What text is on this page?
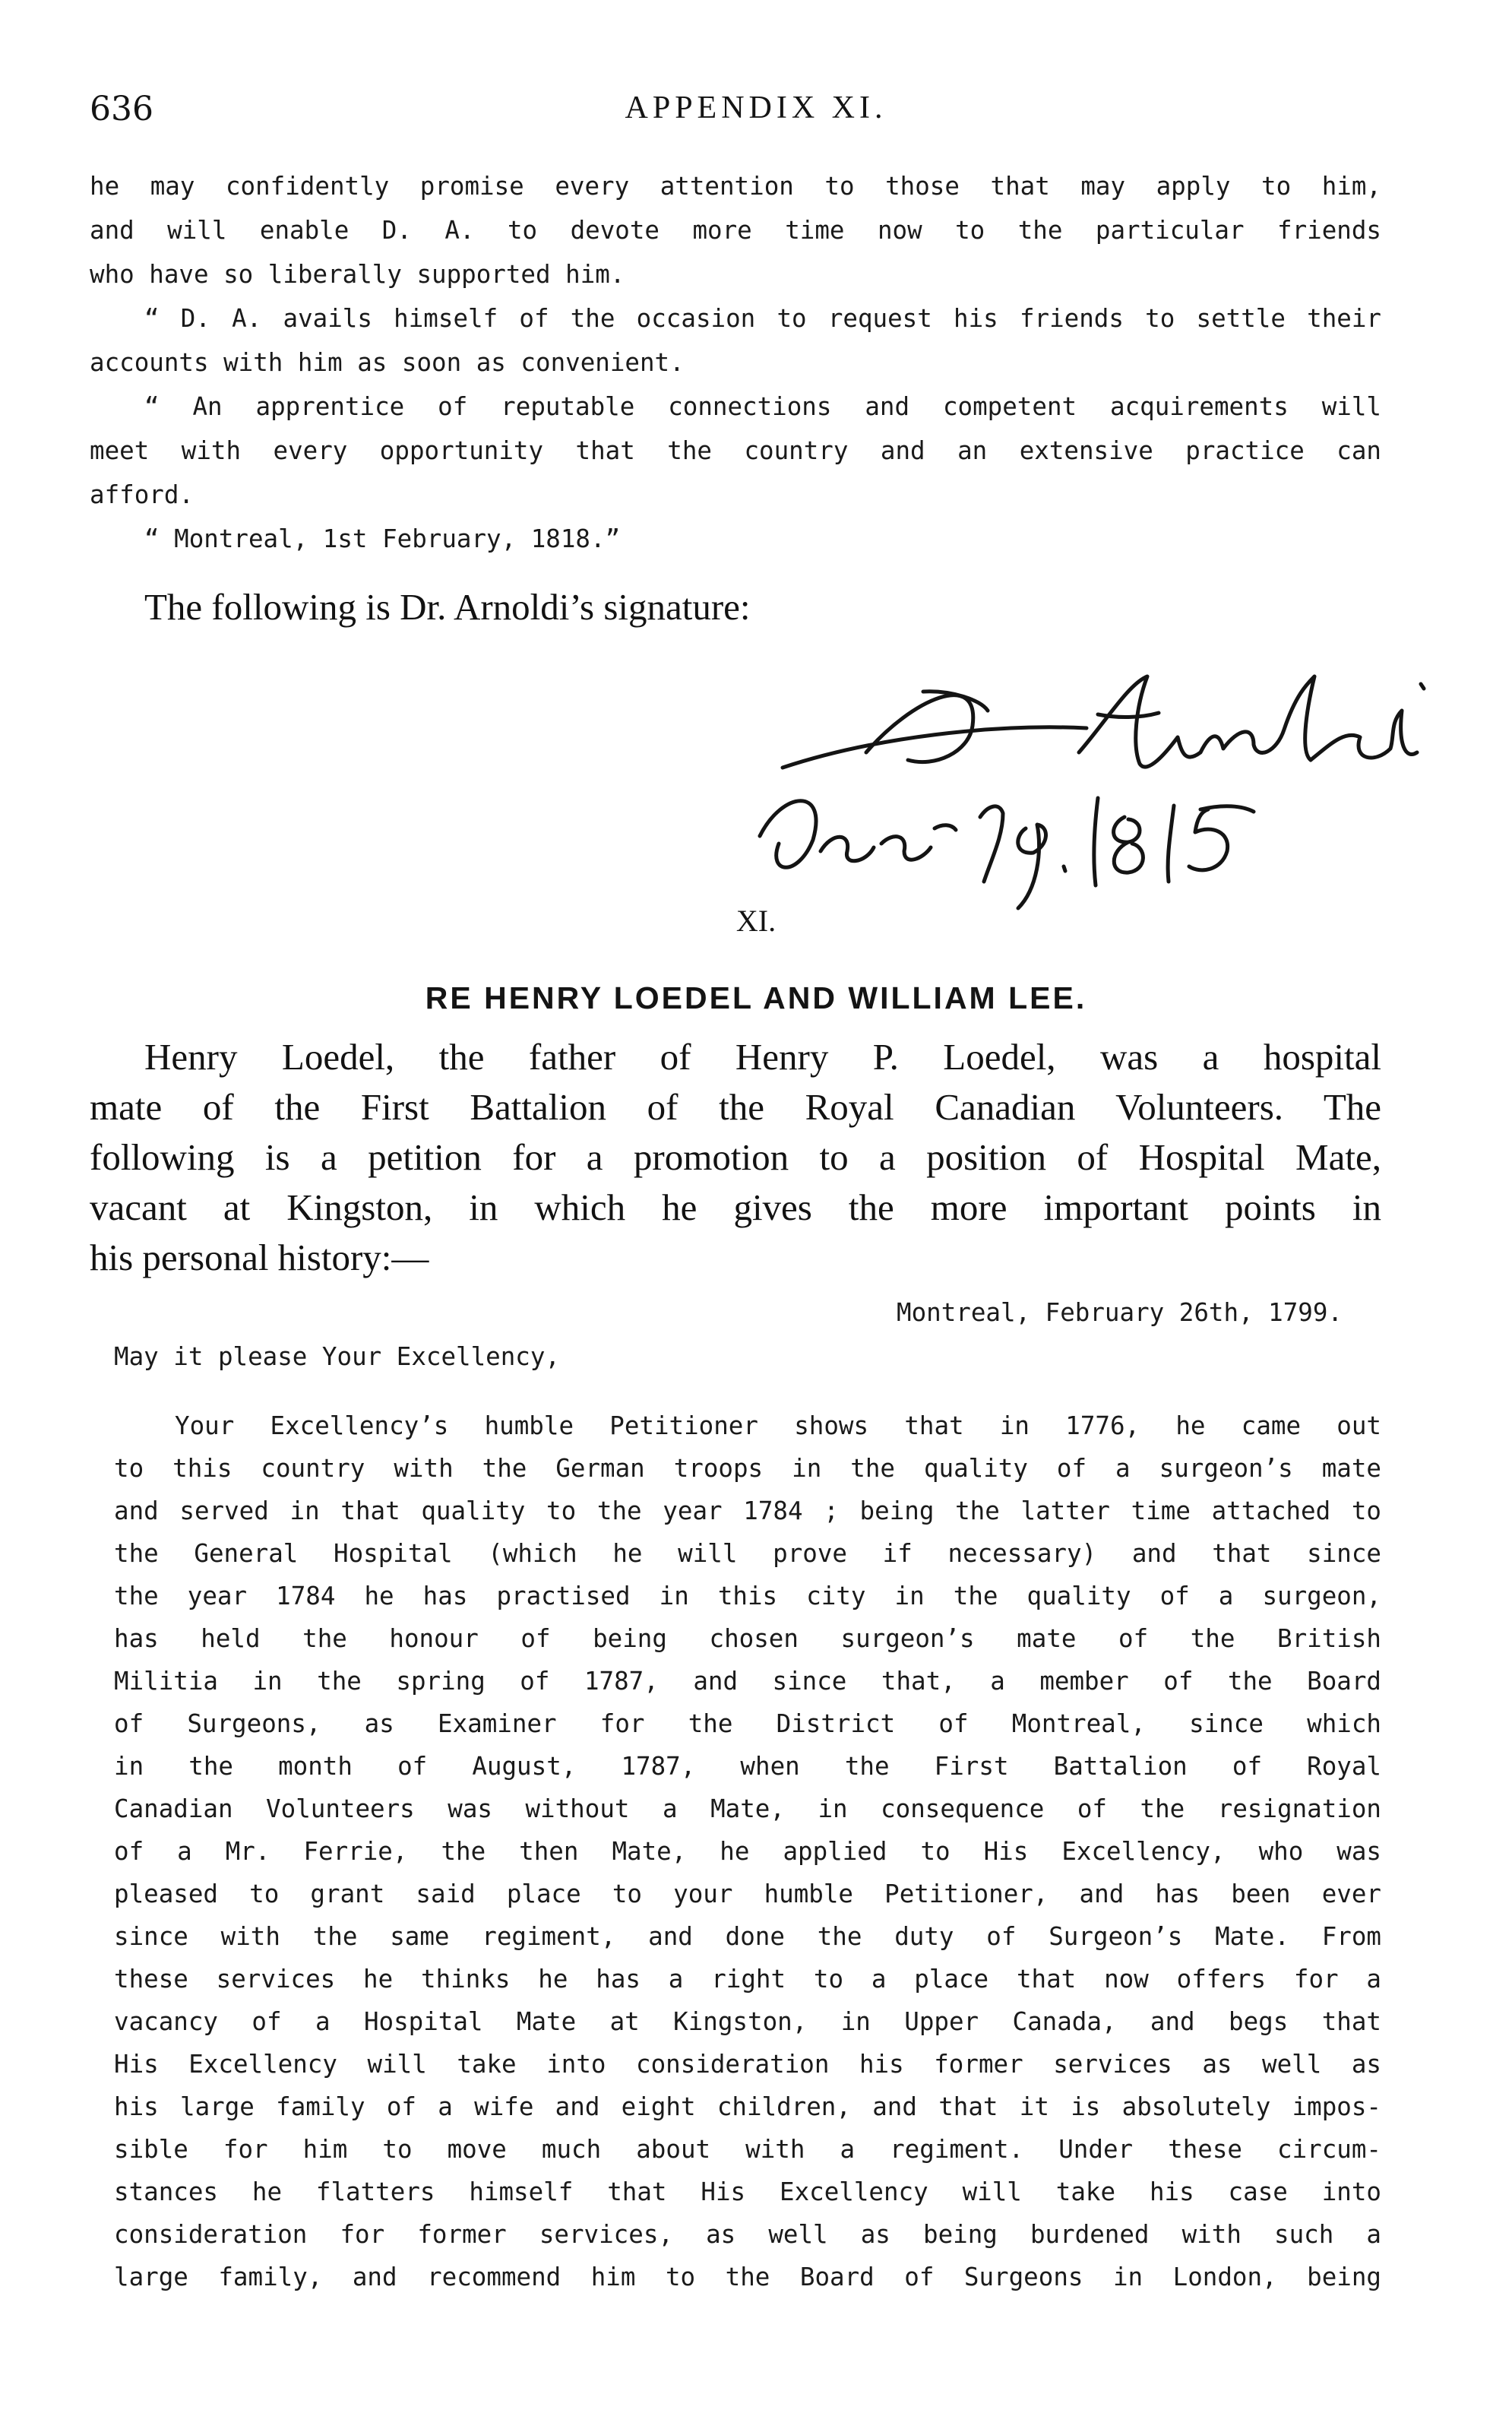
636	APPENDIX XI.
he may confidently promise every attention to those that may apply to him,
and will enable D. A. to devote more time now to the particular friends
who have so liberally supported him.
“ D. A. avails himself of the occasion to request his friends to settle their
accounts with him as soon as convenient.
“ An apprentice of reputable connections and competent acquirements will
meet with every opportunity that the country and an extensive practice can
afford.
“ Montreal, 1st February, 1818.”
The following is Dr. Arnoldi’s signature:
XI.
RE HENRY LOEDEL AND WILLIAM LEE.
Henry Loedel, the father of Henry P. Loedel, was a hospital
mate of the First Battalion of the Royal Canadian Volunteers. The
following is a petition for a promotion to a position of Hospital Mate,
vacant at Kingston, in which he gives the more important points in
his personal history:—
Montreal, February 26th, 1799.
May it please Your Excellency,
Your Excellency’s humble Petitioner shows that in 1776, he came out
to this country with the German troops in the quality of a surgeon’s mate
and served in that quality to the year 1784 ; being the latter time attached to
the General Hospital (which he will prove if necessary) and that since
the year 1784 he has practised in this city in the quality of a surgeon,
has held the honour of being chosen surgeon’s mate of the British
Militia in the spring of 1787, and since that, a member of the Board
of Surgeons, as Examiner for the District of Montreal, since which
in the month of August, 1787, when the First Battalion of Royal
Canadian Volunteers was without a Mate, in consequence of the resignation
of a Mr. Ferrie, the then Mate, he applied to His Excellency, who was
pleased to grant said place to your humble Petitioner, and has been ever
since with the same regiment, and done the duty of Surgeon’s Mate. From
these services he thinks he has a right to a place that now offers for a
vacancy of a Hospital Mate at Kingston, in Upper Canada, and begs that
His Excellency will take into consideration his former services as well as
his large family of a wife and eight children, and that it is absolutely impos-
sible for him to move much about with a regiment. Under these circum-
stances he flatters himself that His Excellency will take his case into
consideration for former services, as well as being burdened with such a
large family, and recommend him to the Board of Surgeons in London, being
